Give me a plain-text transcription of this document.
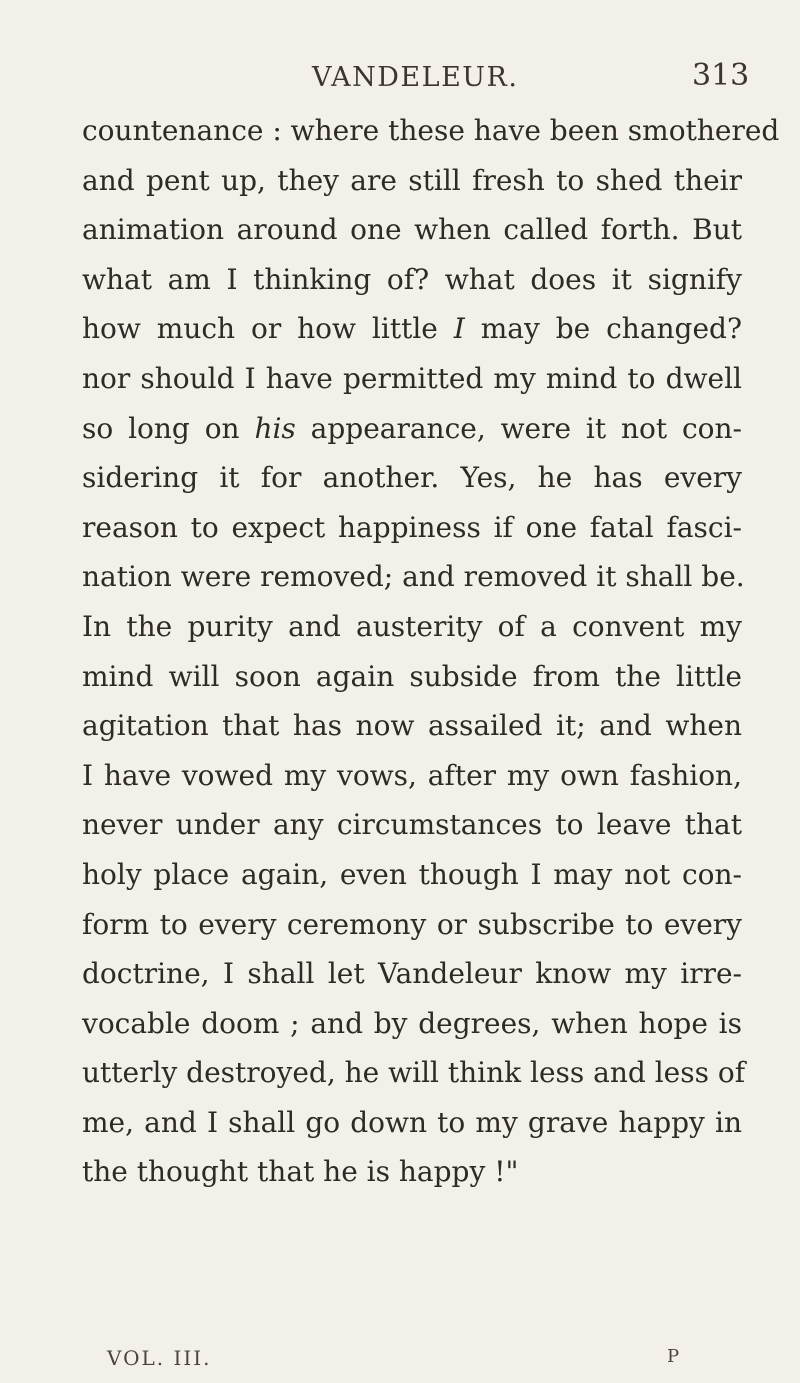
VANDELEUR.	313
countenance : where these have been smothered
and pent up, they are still fresh to shed their
animation around one when called forth. But
what am I thinking of? what does it signify
how much or how little I may be changed?
nor should I have permitted my mind to dwell
so long on his appearance, were it not con-
sidering it for another. Yes, he has every
reason to expect happiness if one fatal fasci-
nation were removed; and removed it shall be.
In the purity and austerity of a convent my
mind will soon again subside from the little
agitation that has now assailed it; and when
I have vowed my vows, after my own fashion,
never under any circumstances to leave that
holy place again, even though I may not con-
form to every ceremony or subscribe to every
doctrine, I shall let Vandeleur know my irre-
vocable doom ; and by degrees, when hope is
utterly destroyed, he will think less and less of
me, and I shall go down to my grave happy in
the thought that he is happy !"
VOL. III.	P
